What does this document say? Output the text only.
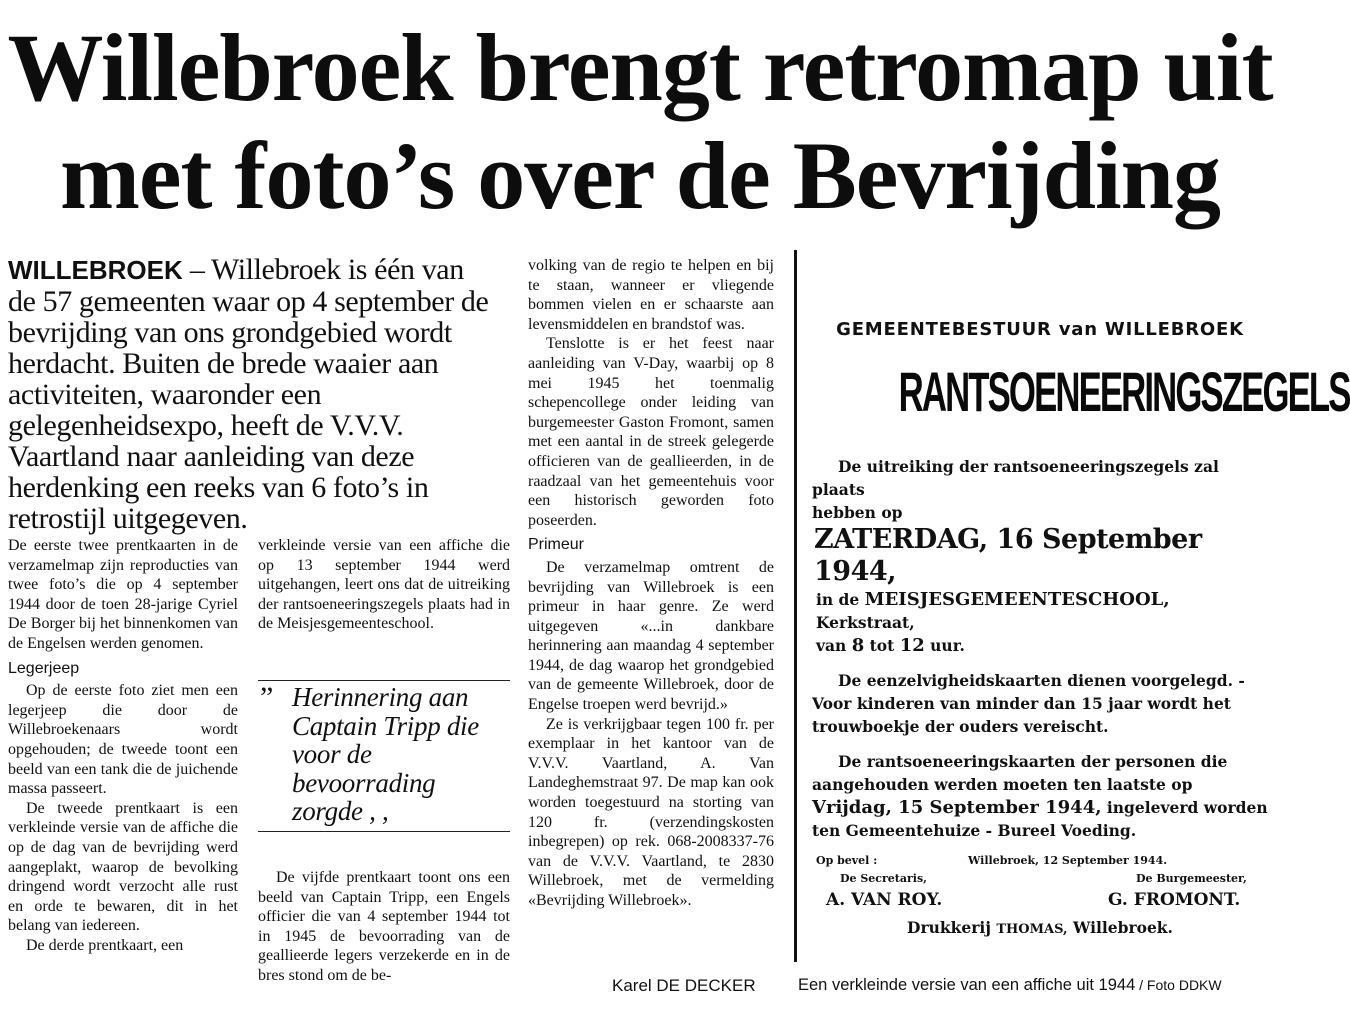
Willebroek brengt retromap uit
met foto’s over de Bevrijding

WILLEBROEK – Willebroek is één van de 57 gemeenten waar op 4 september de bevrijding van ons grondgebied wordt herdacht. Buiten de brede waaier aan activiteiten, waaronder een gelegenheidsexpo, heeft de V.V.V. Vaartland naar aanleiding van deze herdenking een reeks van 6 foto’s in retrostijl uitgegeven.

De eerste twee prentkaarten in de verzamelmap zijn reproducties van twee foto’s die op 4 september 1944 door de toen 28-jarige Cyriel De Borger bij het binnenkomen van de Engelsen werden genomen.

Legerjeep

Op de eerste foto ziet men een legerjeep die door de Willebroekenaars wordt opgehouden; de tweede toont een beeld van een tank die de juichende massa passeert.

De tweede prentkaart is een verkleinde versie van de affiche die op de dag van de bevrijding werd aangeplakt, waarop de bevolking dringend wordt verzocht alle rust en orde te bewaren, dit in het belang van iedereen.

De derde prentkaart, een

verkleinde versie van een affiche die op 13 september 1944 werd uitgehangen, leert ons dat de uitreiking der rantsoeneeringszegels plaats had in de Meisjesgemeenteschool.

” Herinnering aan Captain Tripp die voor de bevoorrading zorgde , ,

De vijfde prentkaart toont ons een beeld van Captain Tripp, een Engels officier die van 4 september 1944 tot in 1945 de bevoorrading van de geallieerde legers verzekerde en in de bres stond om de be-

volking van de regio te helpen en bij te staan, wanneer er vliegende bommen vielen en er schaarste aan levensmiddelen en brandstof was.

Tenslotte is er het feest naar aanleiding van V-Day, waarbij op 8 mei 1945 het toenmalig schepencollege onder leiding van burgemeester Gaston Fromont, samen met een aantal in de streek gelegerde officieren van de geallieerden, in de raadzaal van het gemeentehuis voor een historisch geworden foto poseerden.

Primeur

De verzamelmap omtrent de bevrijding van Willebroek is een primeur in haar genre. Ze werd uitgegeven «...in dankbare herinnering aan maandag 4 september 1944, de dag waarop het grondgebied van de gemeente Willebroek, door de Engelse troepen werd bevrijd.»

Ze is verkrijgbaar tegen 100 fr. per exemplaar in het kantoor van de V.V.V. Vaartland, A. Van Landeghemstraat 97. De map kan ook worden toegestuurd na storting van 120 fr. (verzendingskosten inbegrepen) op rek. 068-2008337-76 van de V.V.V. Vaartland, te 2830 Willebroek, met de vermelding «Bevrijding Willebroek».

Karel DE DECKER

GEMEENTEBESTUUR van WILLEBROEK

RANTSOENEERINGSZEGELS

De uitreiking der rantsoeneeringszegels zal plaats

hebben op

ZATERDAG, 16 September 1944,

in de MEISJESGEMEENTESCHOOL, Kerkstraat,

van 8 tot 12 uur.

De eenzelvigheidskaarten dienen voorgelegd. - Voor kinderen van minder dan 15 jaar wordt het trouwboekje der ouders vereischt.

De rantsoeneeringskaarten der personen die aangehouden werden moeten ten laatste op Vrijdag, 15 September 1944, ingeleverd worden ten Gemeentehuize - Bureel Voeding.

Op bevel :	Willebroek, 12 September 1944.
De Secretaris,	De Burgemeester,
A. VAN ROY.	G. FROMONT.

Drukkerij THOMAS, Willebroek.

Een verkleinde versie van een affiche uit 1944 / Foto DDKW
